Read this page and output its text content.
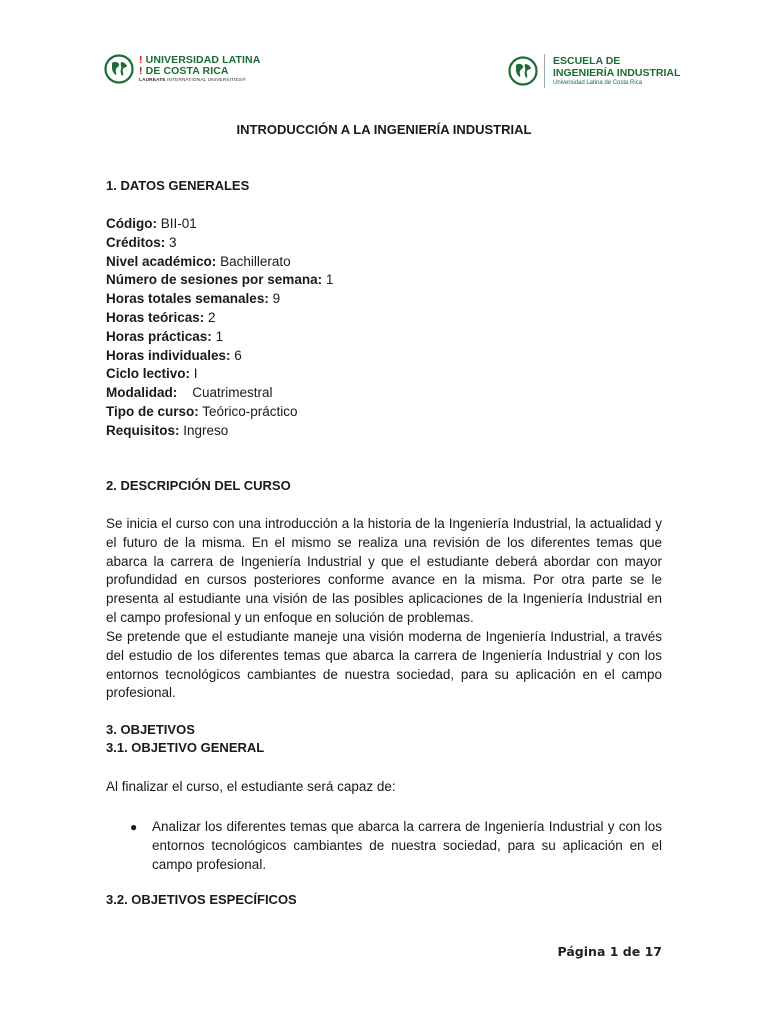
! UNIVERSIDAD LATINA
! DE COSTA RICA
LAUREATE INTERNATIONAL UNIVERSITIES®
ESCUELA DE
INGENIERÍA INDUSTRIAL
Universidad Latina de Costa Rica
INTRODUCCIÓN A LA INGENIERÍA INDUSTRIAL
1. DATOS GENERALES
Código: BII-01
Créditos: 3
Nivel académico: Bachillerato
Número de sesiones por semana: 1
Horas totales semanales: 9
Horas teóricas: 2
Horas prácticas: 1
Horas individuales: 6
Ciclo lectivo: I
Modalidad:    Cuatrimestral
Tipo de curso: Teórico-práctico
Requisitos: Ingreso
2. DESCRIPCIÓN DEL CURSO
Se inicia el curso con una introducción a la historia de la Ingeniería Industrial, la actualidad y el futuro de la misma. En el mismo se realiza una revisión de los diferentes temas que abarca la carrera de Ingeniería Industrial y que el estudiante deberá abordar con mayor profundidad en cursos posteriores conforme avance en la misma. Por otra parte se le presenta al estudiante una visión de las posibles aplicaciones de la Ingeniería Industrial en el campo profesional y un enfoque en solución de problemas.
Se pretende que el estudiante maneje una visión moderna de Ingeniería Industrial, a través del estudio de los diferentes temas que abarca la carrera de Ingeniería Industrial y con los entornos tecnológicos cambiantes de nuestra sociedad, para su aplicación en el campo profesional.
3. OBJETIVOS
3.1. OBJETIVO GENERAL
Al finalizar el curso, el estudiante será capaz de:
●	Analizar los diferentes temas que abarca la carrera de Ingeniería Industrial y con los entornos tecnológicos cambiantes de nuestra sociedad, para su aplicación en el campo profesional.
3.2. OBJETIVOS ESPECÍFICOS
Página 1 de 17
